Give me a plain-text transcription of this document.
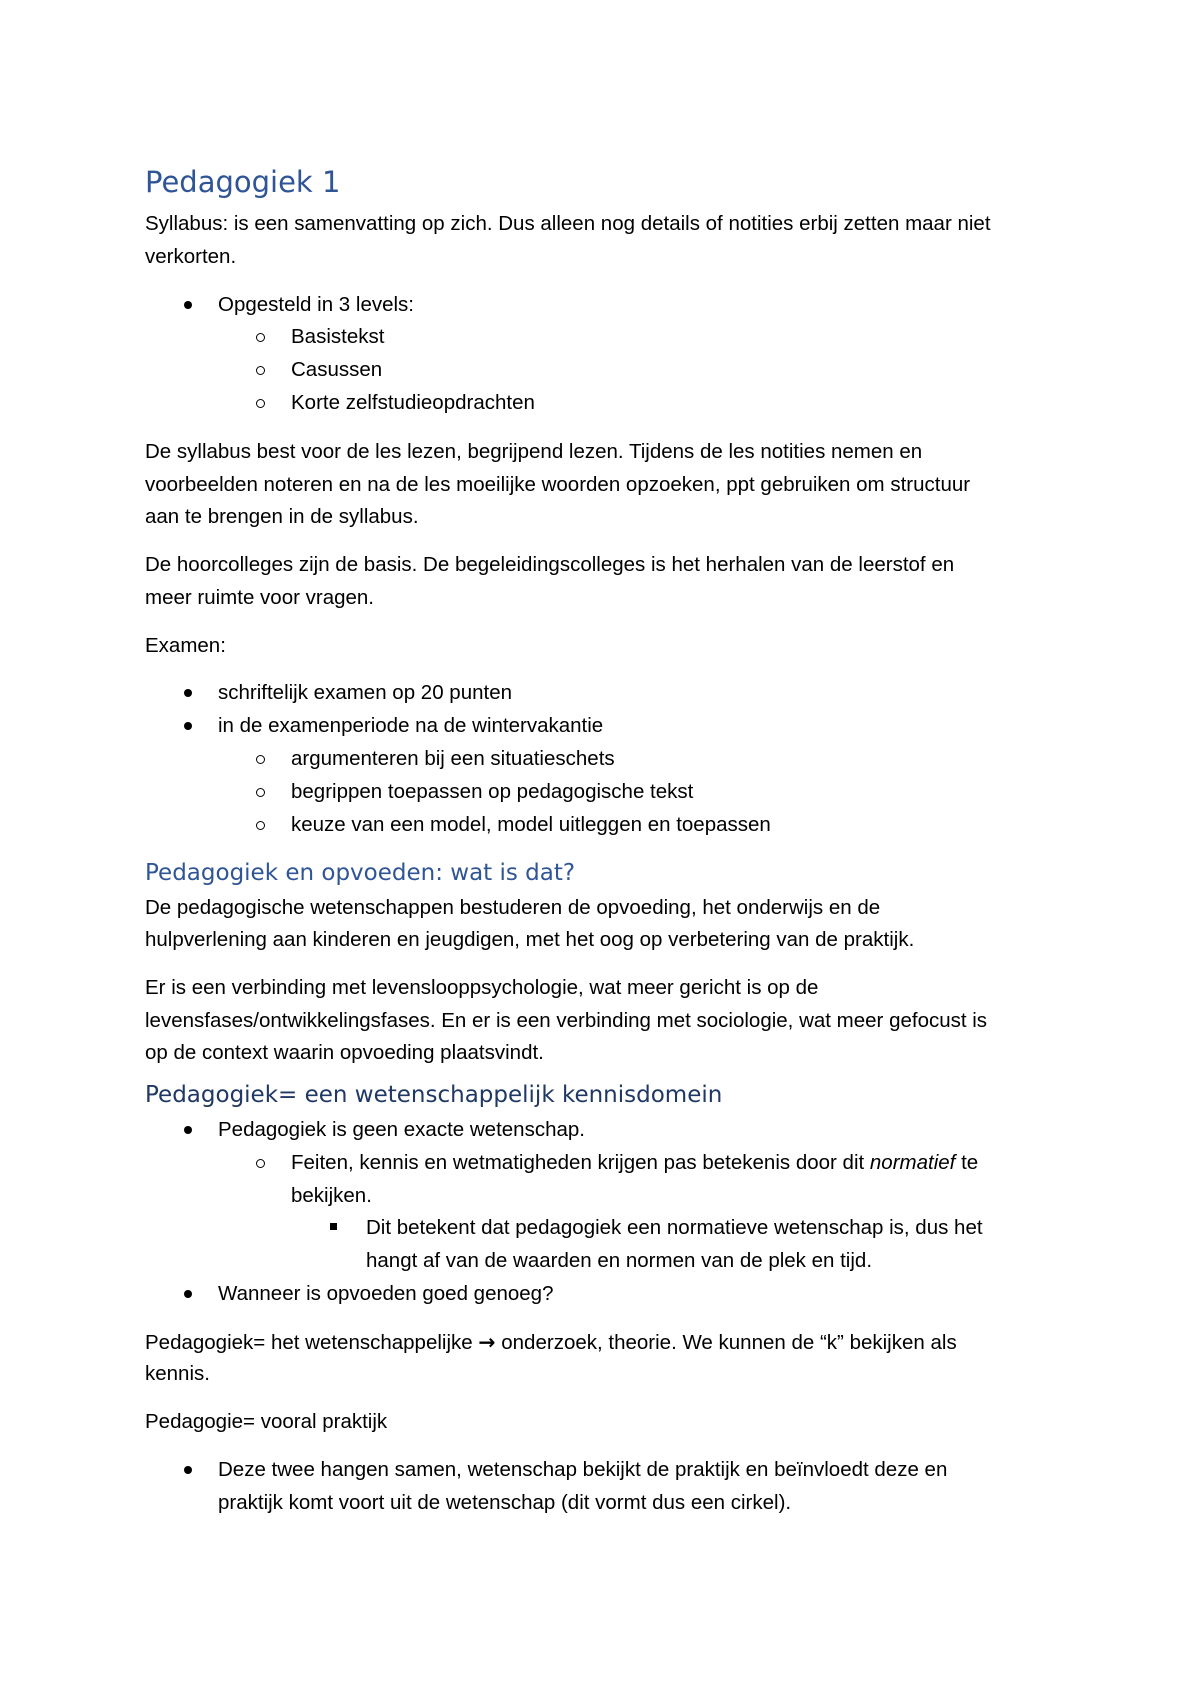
Pedagogiek 1
Syllabus: is een samenvatting op zich. Dus alleen nog details of notities erbij zetten maar niet
verkorten.
Opgesteld in 3 levels:
Basistekst
Casussen
Korte zelfstudieopdrachten
De syllabus best voor de les lezen, begrijpend lezen. Tijdens de les notities nemen en
voorbeelden noteren en na de les moeilijke woorden opzoeken, ppt gebruiken om structuur
aan te brengen in de syllabus.
De hoorcolleges zijn de basis. De begeleidingscolleges is het herhalen van de leerstof en
meer ruimte voor vragen.
Examen:
schriftelijk examen op 20 punten
in de examenperiode na de wintervakantie
argumenteren bij een situatieschets
begrippen toepassen op pedagogische tekst
keuze van een model, model uitleggen en toepassen
Pedagogiek en opvoeden: wat is dat?
De pedagogische wetenschappen bestuderen de opvoeding, het onderwijs en de
hulpverlening aan kinderen en jeugdigen, met het oog op verbetering van de praktijk.
Er is een verbinding met levenslooppsychologie, wat meer gericht is op de
levensfases/ontwikkelingsfases. En er is een verbinding met sociologie, wat meer gefocust is
op de context waarin opvoeding plaatsvindt.
Pedagogiek= een wetenschappelijk kennisdomein
Pedagogiek is geen exacte wetenschap.
Feiten, kennis en wetmatigheden krijgen pas betekenis door dit normatief te
bekijken.
Dit betekent dat pedagogiek een normatieve wetenschap is, dus het
hangt af van de waarden en normen van de plek en tijd.
Wanneer is opvoeden goed genoeg?
Pedagogiek= het wetenschappelijke → onderzoek, theorie. We kunnen de “k” bekijken als
kennis.
Pedagogie= vooral praktijk
Deze twee hangen samen, wetenschap bekijkt de praktijk en beïnvloedt deze en
praktijk komt voort uit de wetenschap (dit vormt dus een cirkel).
